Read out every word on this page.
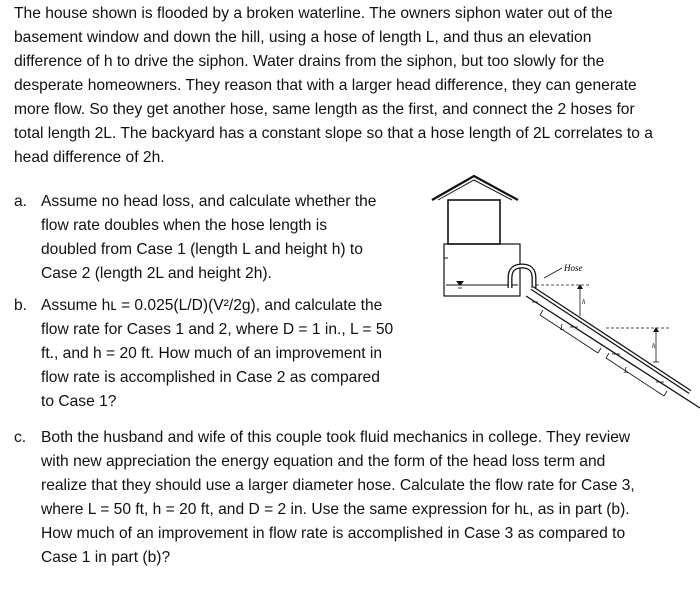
The house shown is flooded by a broken waterline. The owners siphon water out of the
basement window and down the hill, using a hose of length L, and thus an elevation
difference of h to drive the siphon. Water drains from the siphon, but too slowly for the
desperate homeowners. They reason that with a larger head difference, they can generate
more flow. So they get another hose, same length as the first, and connect the 2 hoses for
total length 2L. The backyard has a constant slope so that a hose length of 2L correlates to a
head difference of 2h.
a. Assume no head loss, and calculate whether the
flow rate doubles when the hose length is
doubled from Case 1 (length L and height h) to
Case 2 (length 2L and height 2h).
b. Assume hʟ = 0.025(L/D)(V²/2g), and calculate the
flow rate for Cases 1 and 2, where D = 1 in., L = 50
ft., and h = 20 ft. How much of an improvement in
flow rate is accomplished in Case 2 as compared
to Case 1?
c. Both the husband and wife of this couple took fluid mechanics in college. They review
with new appreciation the energy equation and the form of the head loss term and
realize that they should use a larger diameter hose. Calculate the flow rate for Case 3,
where L = 50 ft, h = 20 ft, and D = 2 in. Use the same expression for hʟ, as in part (b).
How much of an improvement in flow rate is accomplished in Case 3 as compared to
Case 1 in part (b)?
Hose
L
L
h
h
